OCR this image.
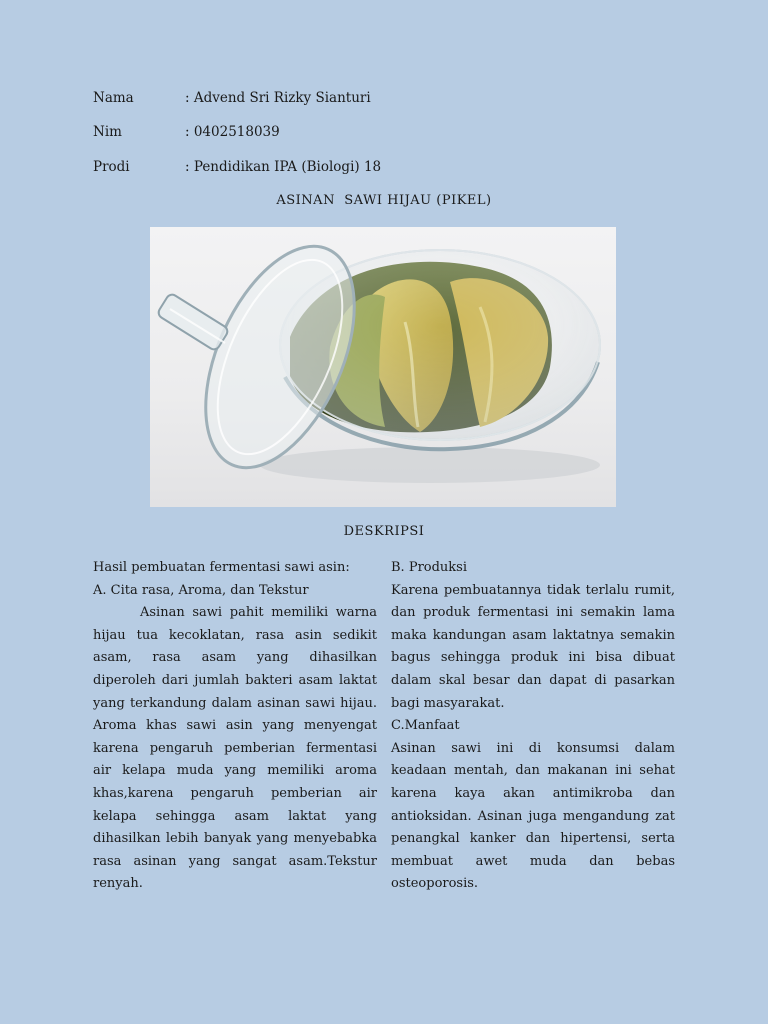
Nama	: Advend Sri Rizky Sianturi
Nim	: 0402518039
Prodi	: Pendidikan IPA (Biologi) 18
ASINAN  SAWI HIJAU (PIKEL)
DESKRIPSI

Hasil pembuatan fermentasi sawi asin:

A. Cita rasa, Aroma, dan Tekstur

Asinan sawi pahit memiliki warna hijau tua kecoklatan, rasa asin sedikit asam, rasa asam yang dihasilkan diperoleh dari jumlah bakteri asam laktat yang terkandung dalam asinan sawi hijau. Aroma khas sawi asin yang menyengat karena pengaruh pemberian fermentasi air kelapa muda yang memiliki aroma khas,karena pengaruh pemberian air kelapa sehingga asam laktat yang dihasilkan lebih banyak yang menyebabka rasa asinan yang sangat asam.Tekstur renyah.

B. Produksi

Karena pembuatannya tidak terlalu rumit, dan produk fermentasi ini semakin lama maka kandungan asam laktatnya semakin bagus sehingga produk ini bisa dibuat dalam skal besar dan dapat di pasarkan bagi masyarakat.

C.Manfaat

Asinan sawi ini di konsumsi dalam keadaan mentah, dan makanan ini sehat karena kaya akan antimikroba dan antioksidan. Asinan juga mengandung zat penangkal kanker dan hipertensi, serta membuat awet muda dan bebas osteoporosis.
